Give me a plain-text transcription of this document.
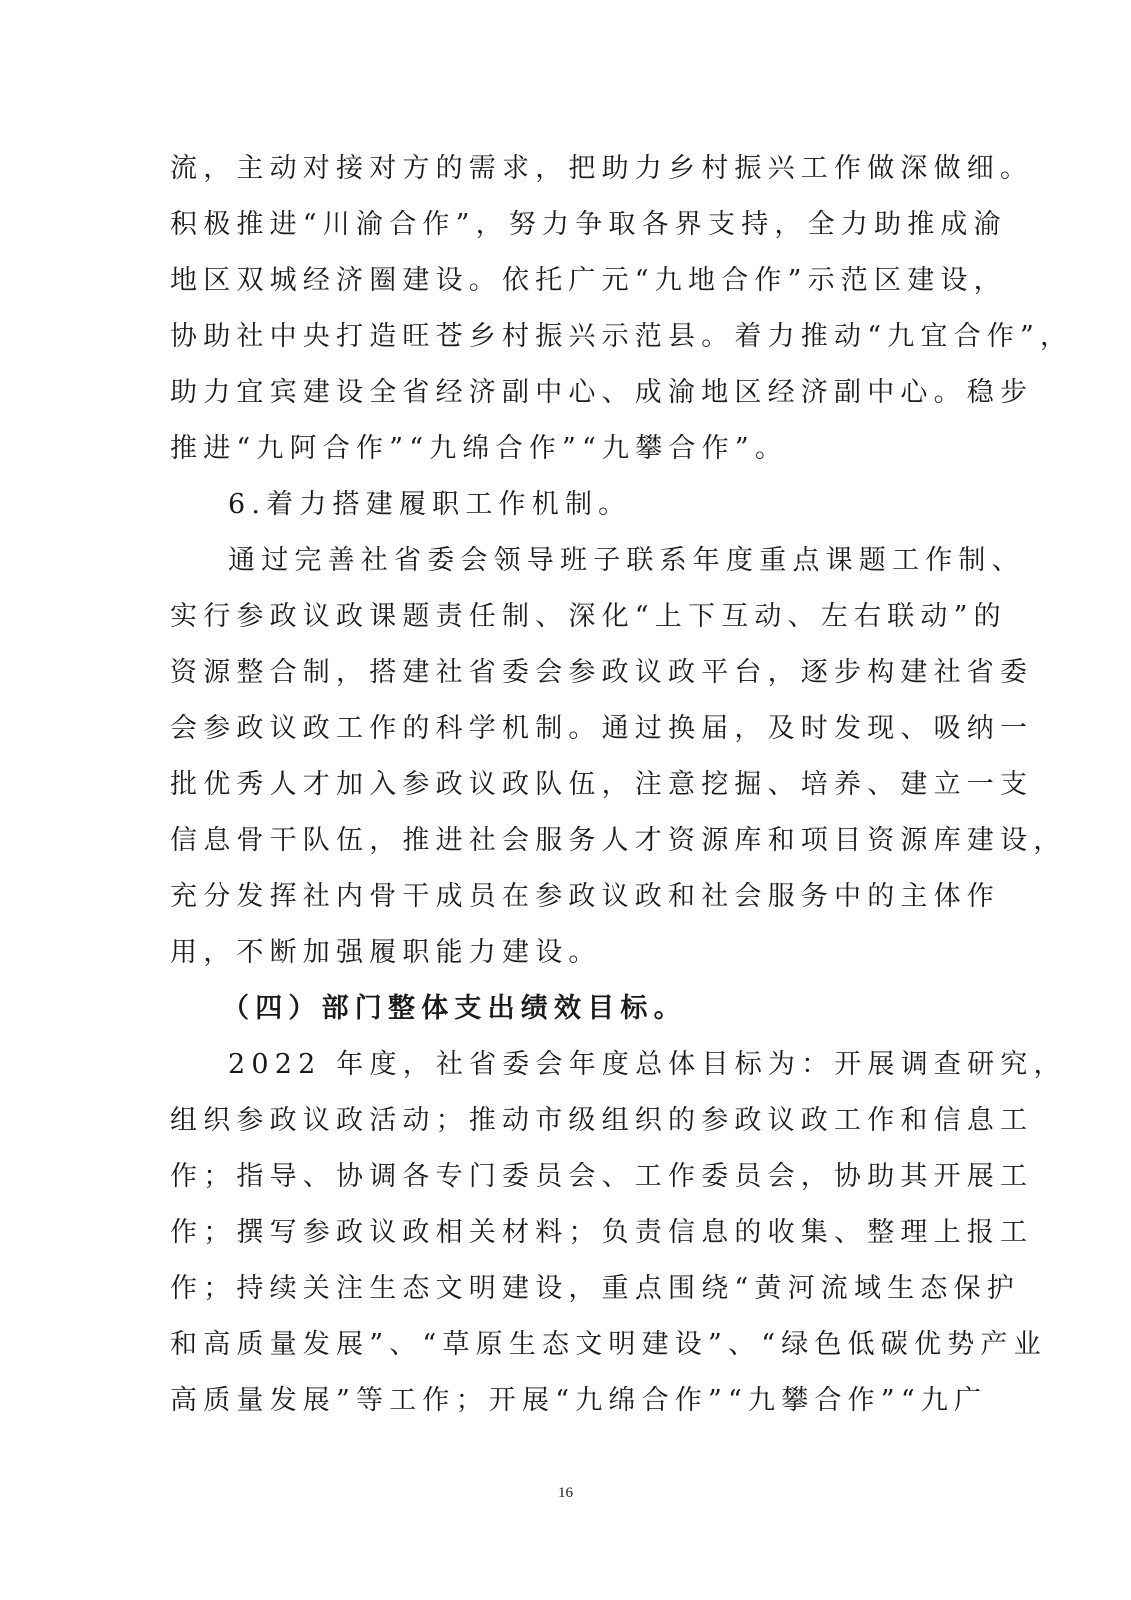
流，主动对接对方的需求，把助力乡村振兴工作做深做细。
积极推进“川渝合作”，努力争取各界支持，全力助推成渝
地区双城经济圈建设。依托广元“九地合作”示范区建设，
协助社中央打造旺苍乡村振兴示范县。着力推动“九宜合作”，
助力宜宾建设全省经济副中心、成渝地区经济副中心。稳步
推进“九阿合作”“九绵合作”“九攀合作”。
6.着力搭建履职工作机制。
通过完善社省委会领导班子联系年度重点课题工作制、
实行参政议政课题责任制、深化“上下互动、左右联动”的
资源整合制，搭建社省委会参政议政平台，逐步构建社省委
会参政议政工作的科学机制。通过换届，及时发现、吸纳一
批优秀人才加入参政议政队伍，注意挖掘、培养、建立一支
信息骨干队伍，推进社会服务人才资源库和项目资源库建设，
充分发挥社内骨干成员在参政议政和社会服务中的主体作
用，不断加强履职能力建设。
（四）部门整体支出绩效目标。
2022 年度，社省委会年度总体目标为：开展调查研究，
组织参政议政活动；推动市级组织的参政议政工作和信息工
作；指导、协调各专门委员会、工作委员会，协助其开展工
作；撰写参政议政相关材料；负责信息的收集、整理上报工
作；持续关注生态文明建设，重点围绕“黄河流域生态保护
和高质量发展”、“草原生态文明建设”、“绿色低碳优势产业
高质量发展”等工作；开展“九绵合作”“九攀合作”“九广
16
